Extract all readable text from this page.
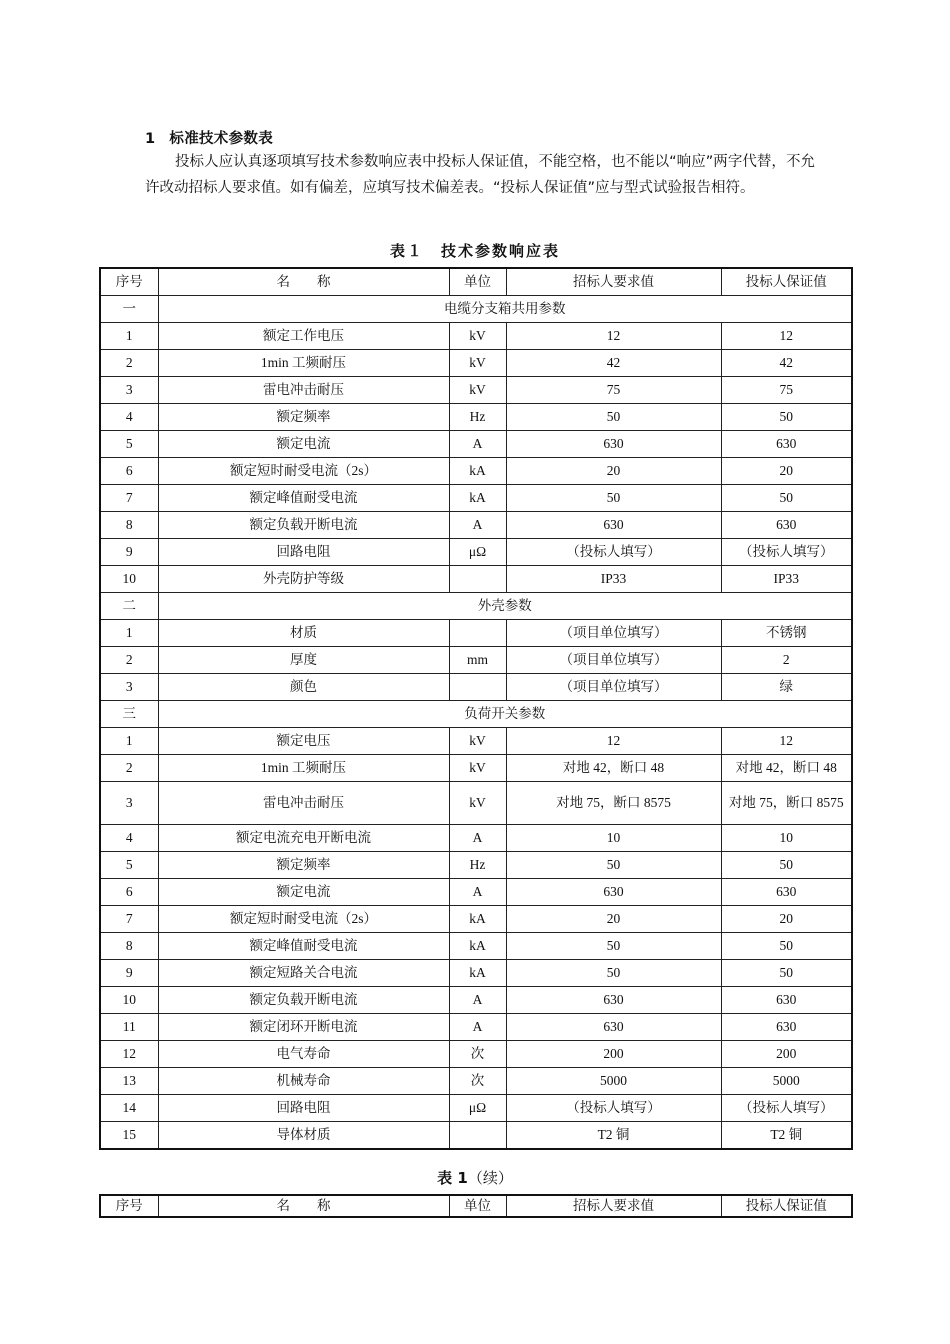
1 标准技术参数表
投标人应认真逐项填写技术参数响应表中投标人保证值，不能空格，也不能以“响应”两字代替，不允许改动招标人要求值。如有偏差，应填写技术偏差表。“投标人保证值”应与型式试验报告相符。
表１　技术参数响应表
序号	名　　称	单位	招标人要求值	投标人保证值
一	电缆分支箱共用参数			
1	额定工作电压	kV	12	12
2	1min 工频耐压	kV	42	42
3	雷电冲击耐压	kV	75	75
4	额定频率	Hz	50	50
5	额定电流	A	630	630
6	额定短时耐受电流（2s）	kA	20	20
7	额定峰值耐受电流	kA	50	50
8	额定负载开断电流	A	630	630
9	回路电阻	μΩ	（投标人填写）	（投标人填写）
10	外壳防护等级		IP33	IP33
二	外壳参数			
1	材质		（项目单位填写）	不锈钢
2	厚度	mm	（项目单位填写）	2
3	颜色		（项目单位填写）	绿
三	负荷开关参数			
1	额定电压	kV	12	12
2	1min 工频耐压	kV	对地 42，断口 48	对地 42，断口 48
3	雷电冲击耐压	kV	对地 75，断口 8575	对地 75，断口 8575
4	额定电流充电开断电流	A	10	10
5	额定频率	Hz	50	50
6	额定电流	A	630	630
7	额定短时耐受电流（2s）	kA	20	20
8	额定峰值耐受电流	kA	50	50
9	额定短路关合电流	kA	50	50
10	额定负载开断电流	A	630	630
11	额定闭环开断电流	A	630	630
12	电气寿命	次	200	200
13	机械寿命	次	5000	5000
14	回路电阻	μΩ	（投标人填写）	（投标人填写）
15	导体材质		T2 铜	T2 铜
表 1（续）
序号	名　　称	单位	招标人要求值	投标人保证值
